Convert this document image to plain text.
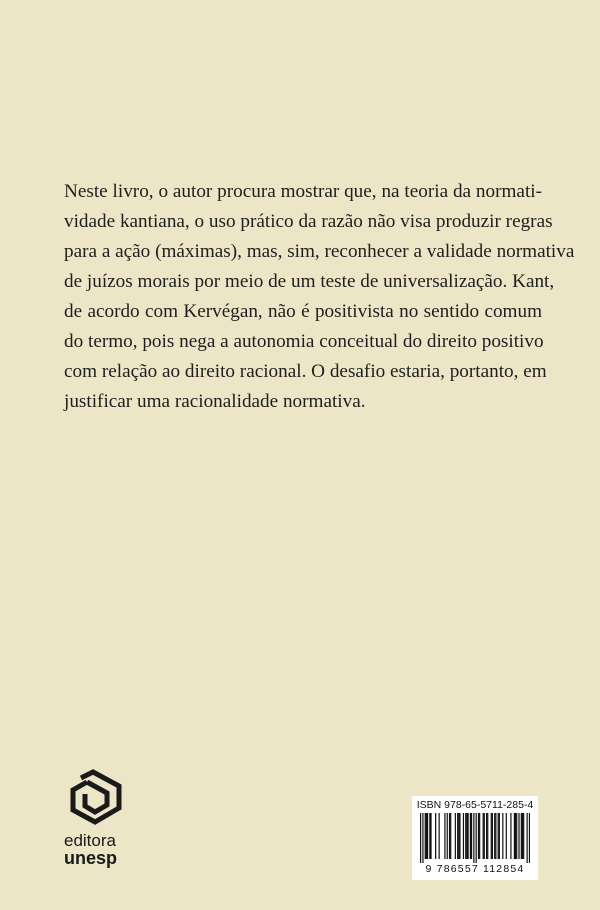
Neste livro, o autor procura mostrar que, na teoria da normati-
vidade kantiana, o uso prático da razão não visa produzir regras
para a ação (máximas), mas, sim, reconhecer a validade normativa
de juízos morais por meio de um teste de universalização. Kant,
de acordo com Kervégan, não é positivista no sentido comum
do termo, pois nega a autonomia conceitual do direito positivo
com relação ao direito racional. O desafio estaria, portanto, em
justificar uma racionalidade normativa.

editora
unesp
ISBN 978-65-5711-285-4
9 786557 112854
